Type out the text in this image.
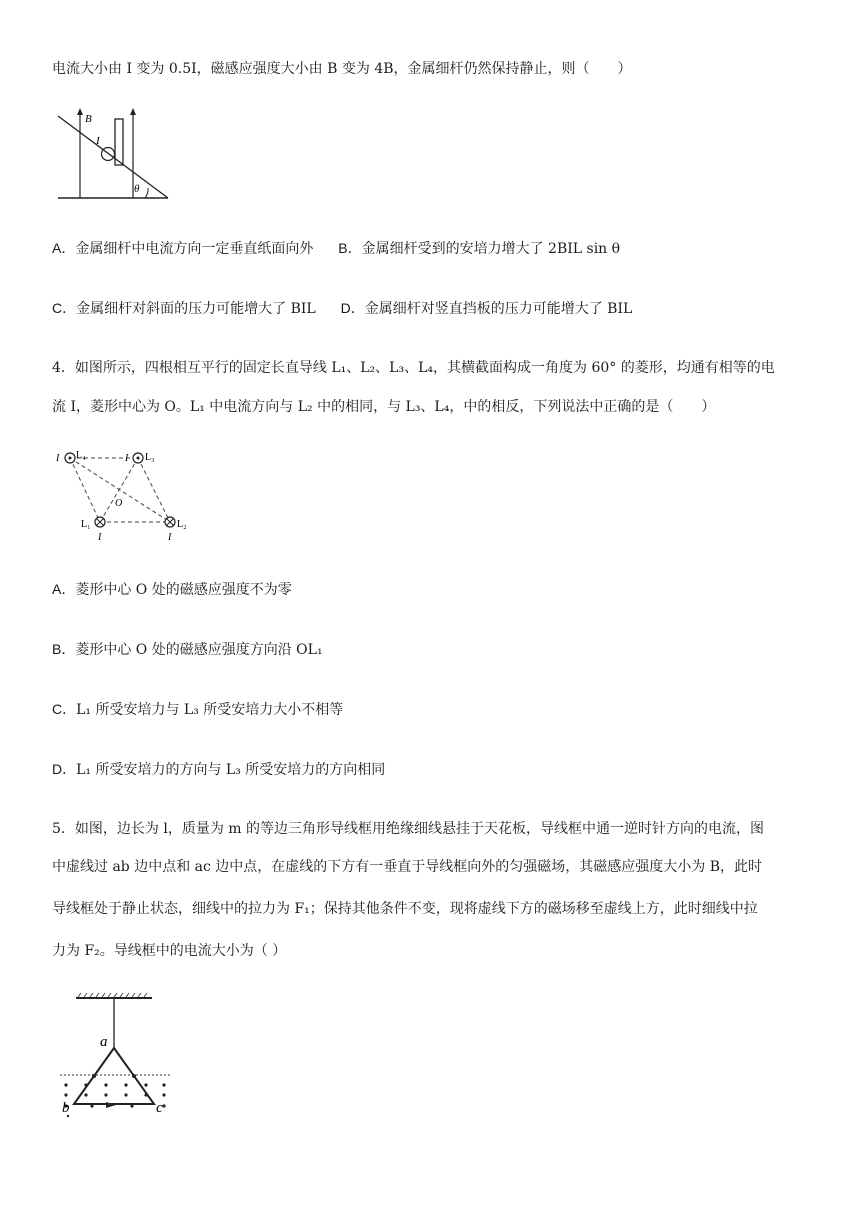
电流大小由 I 变为 0.5I，磁感应强度大小由 B 变为 4B，金属细杆仍然保持静止，则（　　）
B
I
θ
A．金属细杆中电流方向一定垂直纸面向外 B．金属细杆受到的安培力增大了 2BIL sin θ
C．金属细杆对斜面的压力可能增大了 BIL D．金属细杆对竖直挡板的压力可能增大了 BIL
4．如图所示，四根相互平行的固定长直导线 L₁、L₂、L₃、L₄，其横截面构成一角度为 60° 的菱形，均通有相等的电
流 I，菱形中心为 O。L₁ 中电流方向与 L₂ 中的相同，与 L₃、L₄，中的相反，下列说法中正确的是（　　）
I L₄	I L₃
O
L₁	L₂
I	I
A．菱形中心 O 处的磁感应强度不为零
B．菱形中心 O 处的磁感应强度方向沿 OL₁
C．L₁ 所受安培力与 L₃ 所受安培力大小不相等
D．L₁ 所受安培力的方向与 L₃ 所受安培力的方向相同
5．如图，边长为 l，质量为 m 的等边三角形导线框用绝缘细线悬挂于天花板，导线框中通一逆时针方向的电流，图
中虚线过 ab 边中点和 ac 边中点，在虚线的下方有一垂直于导线框向外的匀强磁场，其磁感应强度大小为 B，此时
导线框处于静止状态，细线中的拉力为 F₁；保持其他条件不变，现将虚线下方的磁场移至虚线上方，此时细线中拉
力为 F₂。导线框中的电流大小为（ ）
a
b	c
